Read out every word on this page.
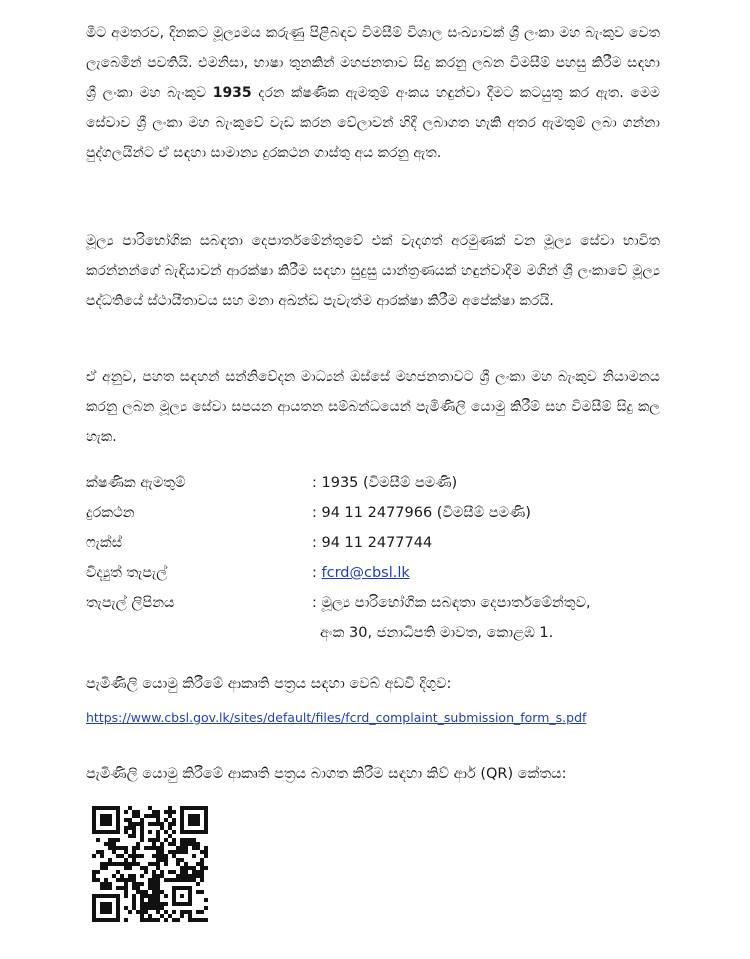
මීට අමතරව, දිනකට මූල්‍යමය කරුණු පිළිබඳව විමසීම් විශාල සංඛ්‍යාවක් ශ්‍රී ලංකා මහ බැංකුව වෙත ලැබෙමින් පවතියි. එමනිසා, භාෂා තුනකින් මහජනතාව සිදු කරනු ලබන විමසීම් පහසු කිරීම සඳහා ශ්‍රී ලංකා මහ බැංකුව 1935 දරන ක්ෂණික ඇමතුම් අංකය හඳුන්වා දීමට කටයුතු කර ඇත. මෙම සේවාව ශ්‍රී ලංකා මහ බැංකුවේ වැඩ කරන වේලාවන් හිදී ලබාගත හැකි අතර ඇමතුම් ලබා ගන්නා පුද්ගලයින්ට ඒ සඳහා සාමාන්‍ය දුරකථන ගාස්තු අය කරනු ඇත.

මූල්‍ය පාරිභෝගික සබඳතා දෙපාර්තමේන්තුවේ එක් වැදගත් අරමුණක් වන මූල්‍ය සේවා භාවිත කරන්නන්ගේ බැඳියාවන් ආරක්ෂා කිරීම සඳහා සුදුසු යාන්ත්‍රණයක් හඳුන්වාදීම මගින් ශ්‍රී ලංකාවේ මූල්‍ය පද්ධතියේ ස්ථායීතාවය සහ මනා අඛන්ඩ පැවැත්ම ආරක්ෂා කිරීම අපේක්ෂා කරයි.

ඒ අනුව, පහත සඳහන් සන්නිවේදන මාධ්‍යන් ඔස්සේ මහජනතාවට ශ්‍රී ලංකා මහ බැංකුව නියාමනය කරනු ලබන මූල්‍ය සේවා සපයන ආයතන සම්බන්ධයෙන් පැමිණිලි යොමු කිරීම් සහ විමසීම් සිදු කල හැක.

ක්ෂණික ඇමතුම්	: 1935 (විමසීම් පමණි)
දුරකථන	: 94 11 2477966 (විමසීම් පමණි)
ෆැක්ස්	: 94 11 2477744
විද්‍යුත් තැපැල්	: fcrd@cbsl.lk
තැපැල් ලිපිනය	: මූල්‍ය පාරිභෝගික සබඳතා දෙපාර්තමේන්තුව,
අංක 30, ජනාධිපති මාවත, කොළඹ 1.
පැමිණිලි යොමු කිරීමේ ආකෘති පත්‍රය සඳහා වෙබ් අඩවි දිගුව:
https://www.cbsl.gov.lk/sites/default/files/fcrd_complaint_submission_form_s.pdf
පැමිණිලි යොමු කිරීමේ ආකෘති පත්‍රය බාගත කිරීම සඳහා කිව් ආර් (QR) කේතය:
